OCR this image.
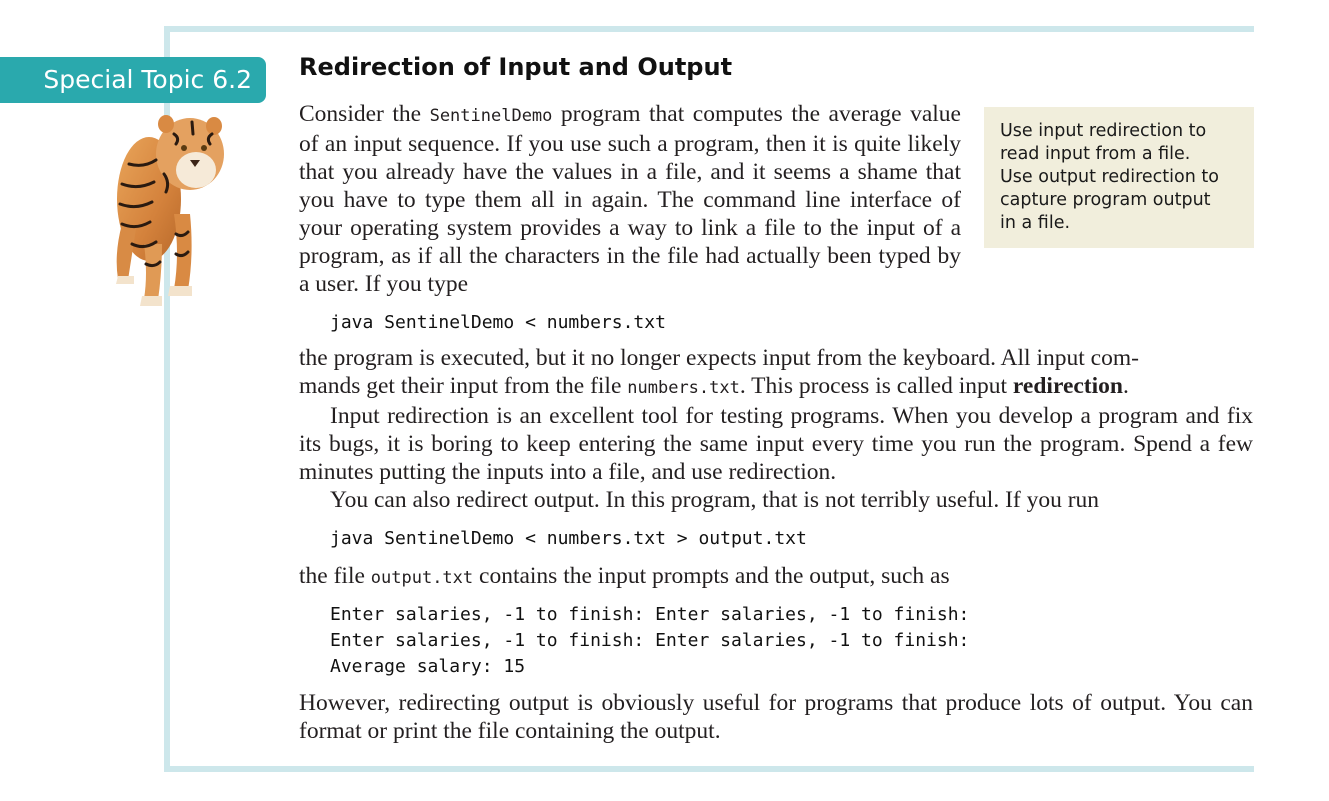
Special Topic 6.2	Redirection of Input and Output
Use input redirection to
read input from a file.
Use output redirection to
capture program output
in a file.

Consider the SentinelDemo program that computes the average value of an input sequence. If you use such a program, then it is quite likely that you already have the values in a file, and it seems a shame that you have to type them all in again. The command line interface of your operating system provides a way to link a file to the input of a program, as if all the characters in the file had actually been typed by a user. If you type

java SentinelDemo < numbers.txt

the program is executed, but it no longer expects input from the keyboard. All input com-
mands get their input from the file numbers.txt. This process is called input redirection.

Input redirection is an excellent tool for testing programs. When you develop a program and fix its bugs, it is boring to keep entering the same input every time you run the program. Spend a few minutes putting the inputs into a file, and use redirection.

You can also redirect output. In this program, that is not terribly useful. If you run

java SentinelDemo < numbers.txt > output.txt

the file output.txt contains the input prompts and the output, such as

Enter salaries, -1 to finish: Enter salaries, -1 to finish:
Enter salaries, -1 to finish: Enter salaries, -1 to finish:
Average salary: 15

However, redirecting output is obviously useful for programs that produce lots of output. You can format or print the file containing the output.
